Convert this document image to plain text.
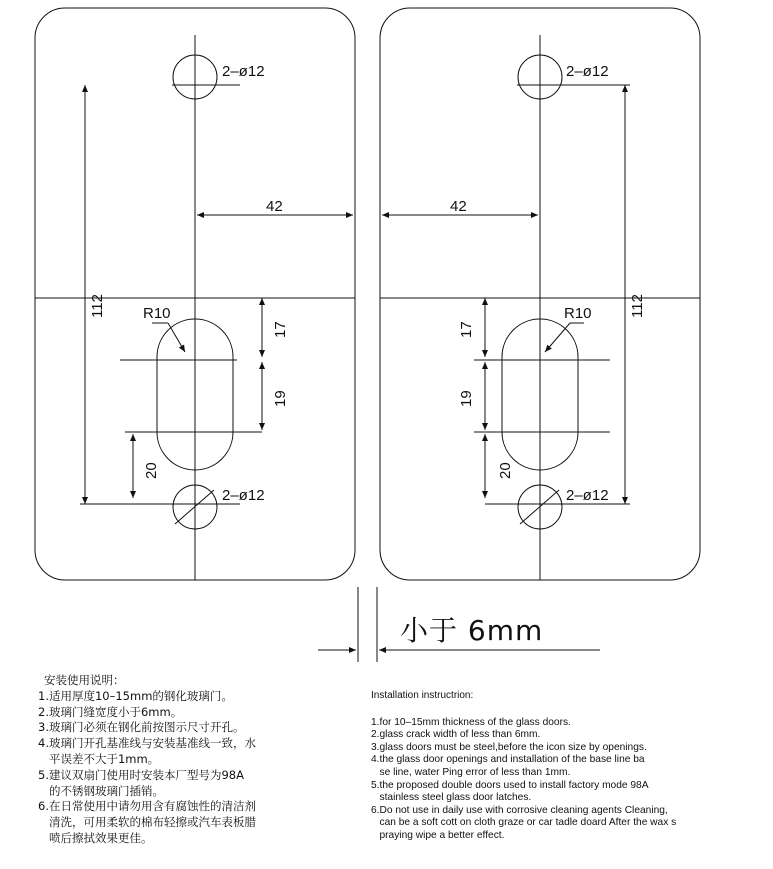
2–ø12
2–ø12
42
R10
112
17
19
20
2–ø12
2–ø12
42
R10 112
17
19
20
小于 6mm
安装使用说明：
1.适用厚度10–15mm的钢化玻璃门。
2.玻璃门缝宽度小于6mm。
3.玻璃门必须在钢化前按图示尺寸开孔。
4.玻璃门开孔基准线与安装基准线一致，水
平误差不大于1mm。
5.建议双扇门使用时安装本厂型号为98A
的不锈钢玻璃门插销。
6.在日常使用中请勿用含有腐蚀性的清洁剂
清洗，可用柔软的棉布轻擦或汽车表板腊
喷后擦拭效果更佳。
Installation instructrion:
1.for 10–15mm thickness of the glass doors.
2.glass crack width of less than 6mm.
3.glass doors must be steel,before the icon size by openings.
4.the glass door openings and installation of the base line ba
se line, water Ping error of less than 1mm.
5.the proposed double doors used to install factory mode 98A
stainless steel glass door latches.
6.Do not use in daily use with corrosive cleaning agents Cleaning,
can be a soft cott on cloth graze or car tadle doard After the wax s
praying wipe a better effect.
